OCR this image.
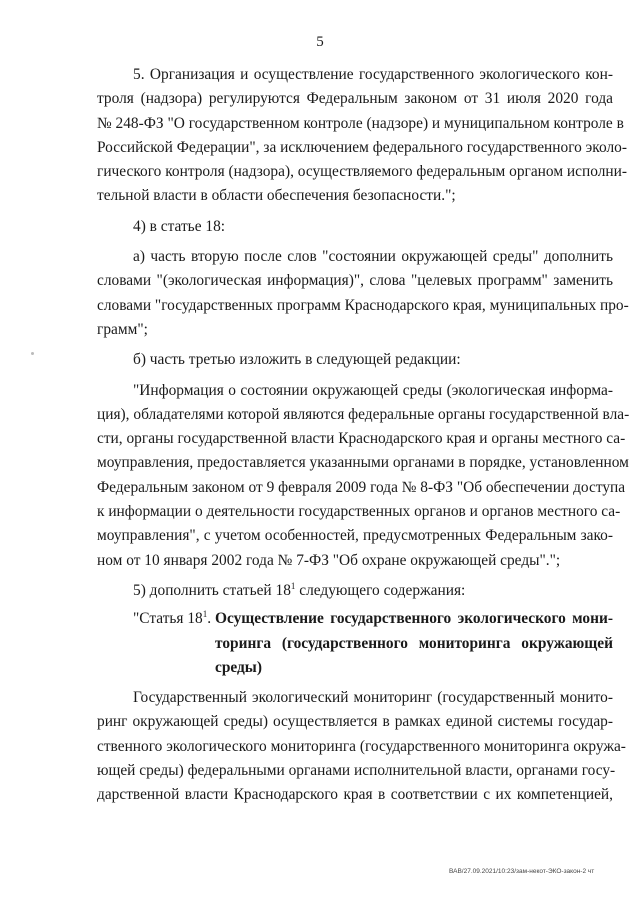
5
5. Организация и осуществление государственного экологического кон-
троля (надзора) регулируются Федеральным законом от 31 июля 2020 года
№ 248-ФЗ "О государственном контроле (надзоре) и муниципальном контроле в
Российской Федерации", за исключением федерального государственного эколо-
гического контроля (надзора), осуществляемого федеральным органом исполни-
тельной власти в области обеспечения безопасности.";
4) в статье 18:
а) часть вторую после слов "состоянии окружающей среды" дополнить
словами "(экологическая информация)", слова "целевых программ" заменить
словами "государственных программ Краснодарского края, муниципальных про-
грамм";
б) часть третью изложить в следующей редакции:
"Информация о состоянии окружающей среды (экологическая информа-
ция), обладателями которой являются федеральные органы государственной вла-
сти, органы государственной власти Краснодарского края и органы местного са-
моуправления, предоставляется указанными органами в порядке, установленном
Федеральным законом от 9 февраля 2009 года № 8-ФЗ "Об обеспечении доступа
к информации о деятельности государственных органов и органов местного са-
моуправления", с учетом особенностей, предусмотренных Федеральным зако-
ном от 10 января 2002 года № 7-ФЗ "Об охране окружающей среды".";
5) дополнить статьей $18^1$ следующего содержания:
"Статья $18^1$. Осуществление государственного экологического мони-
торинга (государственного мониторинга окружающей
среды)
Государственный экологический мониторинг (государственный монито-
ринг окружающей среды) осуществляется в рамках единой системы государ-
ственного экологического мониторинга (государственного мониторинга окружа-
ющей среды) федеральными органами исполнительной власти, органами госу-
дарственной власти Краснодарского края в соответствии с их компетенцией,
ВАВ/27.09.2021/10:23/зам-некот-ЭКО-закон-2 чт
